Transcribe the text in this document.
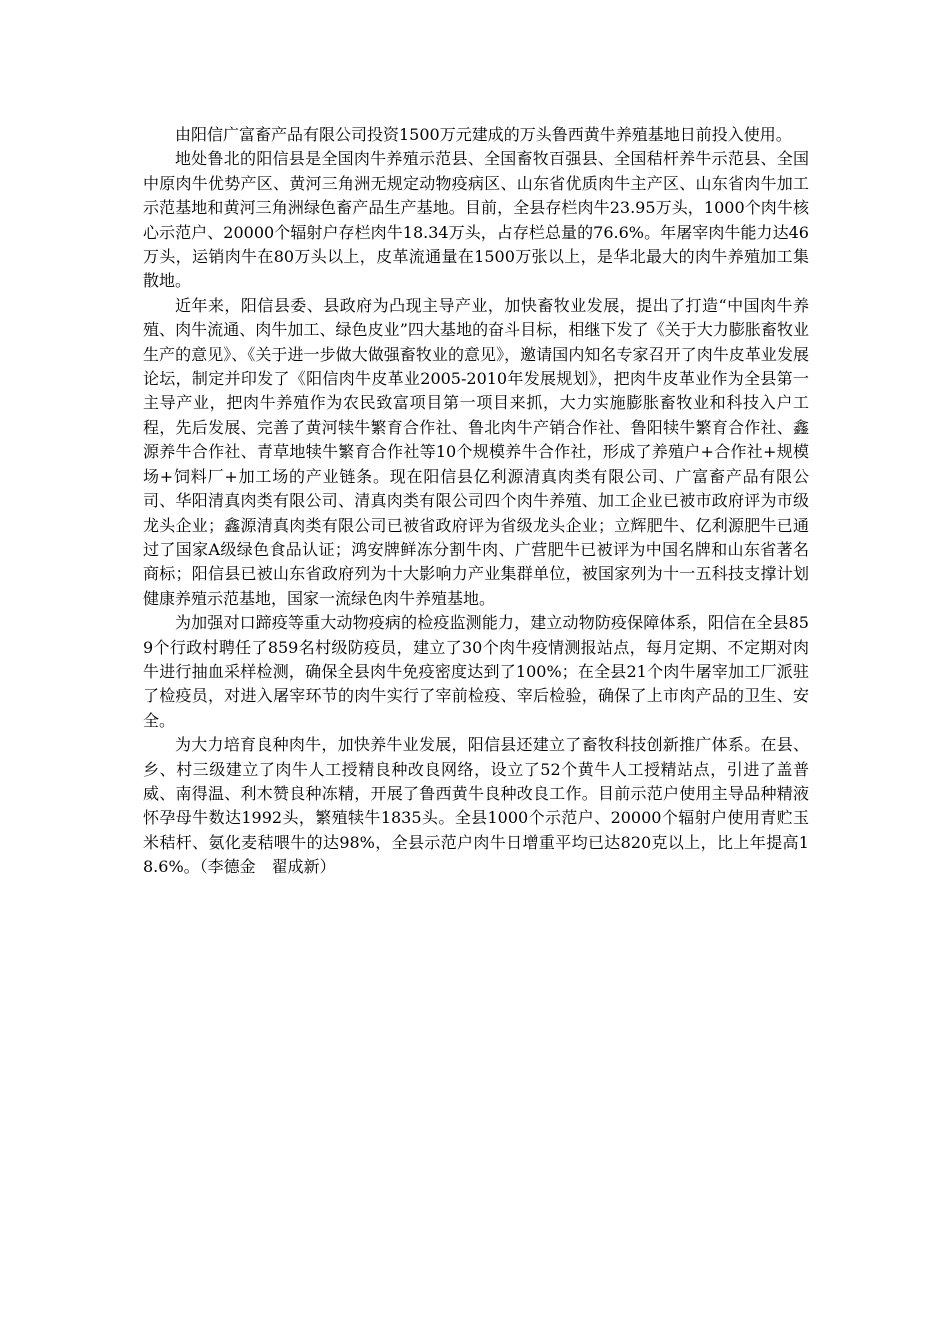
由阳信广富畜产品有限公司投资1500万元建成的万头鲁西黄牛养殖基地日前投入使用。

地处鲁北的阳信县是全国肉牛养殖示范县、全国畜牧百强县、全国秸杆养牛示范县、全国中原肉牛优势产区、黄河三角洲无规定动物疫病区、山东省优质肉牛主产区、山东省肉牛加工示范基地和黄河三角洲绿色畜产品生产基地。目前，全县存栏肉牛23.95万头，1000个肉牛核心示范户、20000个辐射户存栏肉牛18.34万头，占存栏总量的76.6%。年屠宰肉牛能力达46万头，运销肉牛在80万头以上，皮革流通量在1500万张以上，是华北最大的肉牛养殖加工集散地。

近年来，阳信县委、县政府为凸现主导产业，加快畜牧业发展，提出了打造“中国肉牛养殖、肉牛流通、肉牛加工、绿色皮业”四大基地的奋斗目标，相继下发了《关于大力膨胀畜牧业生产的意见》、《关于进一步做大做强畜牧业的意见》，邀请国内知名专家召开了肉牛皮革业发展论坛，制定并印发了《阳信肉牛皮革业2005-2010年发展规划》，把肉牛皮革业作为全县第一主导产业，把肉牛养殖作为农民致富项目第一项目来抓，大力实施膨胀畜牧业和科技入户工程，先后发展、完善了黄河犊牛繁育合作社、鲁北肉牛产销合作社、鲁阳犊牛繁育合作社、鑫源养牛合作社、青草地犊牛繁育合作社等10个规模养牛合作社，形成了养殖户+合作社+规模场+饲料厂+加工场的产业链条。现在阳信县亿利源清真肉类有限公司、广富畜产品有限公司、华阳清真肉类有限公司、清真肉类有限公司四个肉牛养殖、加工企业已被市政府评为市级龙头企业；鑫源清真肉类有限公司已被省政府评为省级龙头企业；立辉肥牛、亿利源肥牛已通过了国家A级绿色食品认证；鸿安牌鲜冻分割牛肉、广营肥牛已被评为中国名牌和山东省著名商标；阳信县已被山东省政府列为十大影响力产业集群单位，被国家列为十一五科技支撑计划健康养殖示范基地，国家一流绿色肉牛养殖基地。

为加强对口蹄疫等重大动物疫病的检疫监测能力，建立动物防疫保障体系，阳信在全县859个行政村聘任了859名村级防疫员，建立了30个肉牛疫情测报站点，每月定期、不定期对肉牛进行抽血采样检测，确保全县肉牛免疫密度达到了100%；在全县21个肉牛屠宰加工厂派驻了检疫员，对进入屠宰环节的肉牛实行了宰前检疫、宰后检验，确保了上市肉产品的卫生、安全。

为大力培育良种肉牛，加快养牛业发展，阳信县还建立了畜牧科技创新推广体系。在县、乡、村三级建立了肉牛人工授精良种改良网络，设立了52个黄牛人工授精站点，引进了盖普威、南得温、利木赞良种冻精，开展了鲁西黄牛良种改良工作。目前示范户使用主导品种精液怀孕母牛数达1992头，繁殖犊牛1835头。全县1000个示范户、20000个辐射户使用青贮玉米秸杆、氨化麦秸喂牛的达98%，全县示范户肉牛日增重平均已达820克以上，比上年提高18.6%。（李德金　翟成新）
